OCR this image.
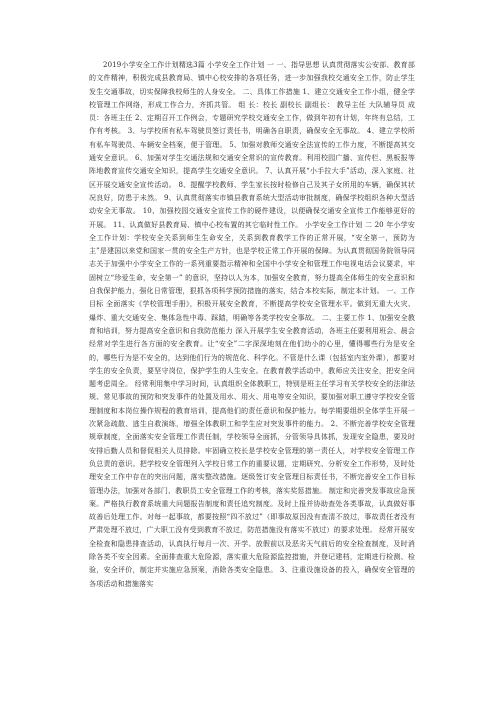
2019小学安全工作计划精选3篇 小学安全工作计划 一 一、指导思想 认真贯彻落实公安部、教育部的文件精神，积极完成县教育局、镇中心校安排的各项任务，进一步加强我校交通安全工作，防止学生发生交通事故，切实保障我校师生的人身安全。 二、具体工作措施 1、建立交通安全工作小组，健全学校管理工作网络，形成工作合力，齐抓共管。 组 长：校长 副校长 副组长： 教导主任 大队辅导员 成 员：各班主任 2、定期召开工作例会，专题研究学校交通安全工作，做到年初有计划，年终有总结，工作有考核。 3、与学校所有私车驾驶员签订责任书，明确各自职责，确保安全无事故。 4、建立学校所有私车驾驶员、车辆安全档案，便于管理。 5、加强对教师交通安全法宣传的工作力度，不断提高其交通安全意识。 6、加强对学生交通法规和交通安全常识的宣传教育。利用校园广播、宣传栏、黑板报等阵地教育宣传交通安全知识，提高学生交通安全意识。 7、认真开展“小手拉大手”活动，深入家庭、社区开展交通安全宣传活动。 8、提醒学校教师、学生家长按时检修自己及其子女所用的车辆，确保其状况良好，防患于未然。 9、认真贯彻落实市镇县教育系统大型活动审批制度，确保学校组织各种大型活动安全无事故。 10、加强校园交通安全宣传工作的硬件建设，以便确保交通安全宣传工作能够更好的开展。 11、认真做好县教育局、镇中心校布置的其它临时性工作。 小学安全工作计划 二 20 年小学安全工作计划：学校安全关系到师生生命安全，关系到教育教学工作的正常开展，“安全第一，预防为主”是建国以来党和国家一贯的安全生产方针，也是学校正常工作开展的保障。为认真贯彻国务院领导同志关于加强中小学安全工作的一系列重要指示精神和全国中小学安全和管理工作电视电话会议要求，牢固树立“珍爱生命，安全第一” 的意识，坚持以人为本，加强安全教育，努力提高全体师生的安全意识和自我保护能力，强化日常管理，狠抓各项科学预防措施的落实，结合本校实际，制定本计划。 一、工作目标 全面落实《学校管理手册》，积极开展安全教育，不断提高学校安全管理水平。做到无重大火灾、爆炸、重大交通安全、集体急性中毒、踩踏，明确等各类学校安全事故。 二、主要工作 1、加强安全教育和培训，努力提高安全意识和自我防范能力 深入开展学生安全教育活动，各班主任要利用班会、晨会经常对学生进行各方面的安全教育。让“安全”二字深深地刻在他们幼小的心里，懂得哪些行为是安全的，哪些行为是不安全的，达到他们行为的规范化、科学化。不管是什么课（包括室内室外课），都要对学生的安全负责，要坚守岗位，保护学生的人生安全。在教育教学活动中，教师应关注安全，把安全问题考虑周全。 经常利用集中学习时间，认真组织全体教职工，特别是班主任学习有关学校安全的法律法规、常见事故的预防和突发事件的处置及用水、用火、用电等安全知识，要加强对职工遵守学校安全管理制度和本岗位操作规程的教育培训，提高他们的责任意识和保护能力。每学期要组织全体学生开展一次紧急疏散、逃生自救演练，增强全体教职工和学生应对突发事件的能力。 2、不断完善学校安全管理规章制度，全面落实安全管理工作责任制，学校领导全面抓，分管领导具体抓，发现安全隐患，要及时安排后勤人员和督促相关人员排除。牢固确立校长是学校安全管理的第一责任人，对学校安全管理工作负总责的意识。把学校安全管理列入学校日常工作的重要议题，定期研究、分析安全工作形势，及时处理安全工作中存在的突出问题，落实整改措施。逐级签订安全管理目标责任书，不断完善安全工作目标管理办法，加强对各部门、教职员工安全管理工作的考核，落实奖惩措施。 制定和完善突发事故应急预案。严格执行教育系统重大问题报告制度和责任追究制度。及时上报并协助查处各类事故，认真做好事故善后处理工作。对每一起事故，都要按照“四不放过”（即事故原因没有查清不放过，事故责任者没有严肃处理不放过，广大职工没有受到教育不放过，防范措施没有落实不放过）的要求处理。 经常开展安全检查和隐患排查活动，认真执行每月一次、开学、放假前以及恶劣天气前后的安全检查制度，及时消除各类不安全因素。全面排查重大危险源，落实重大危险源监控措施，并登记建档，定期进行检测、检验，安全评价，制定并实施应急预案，消除各类安全隐患。 3、注重设施设备的投入，确保安全管理的各项活动和措施落实
